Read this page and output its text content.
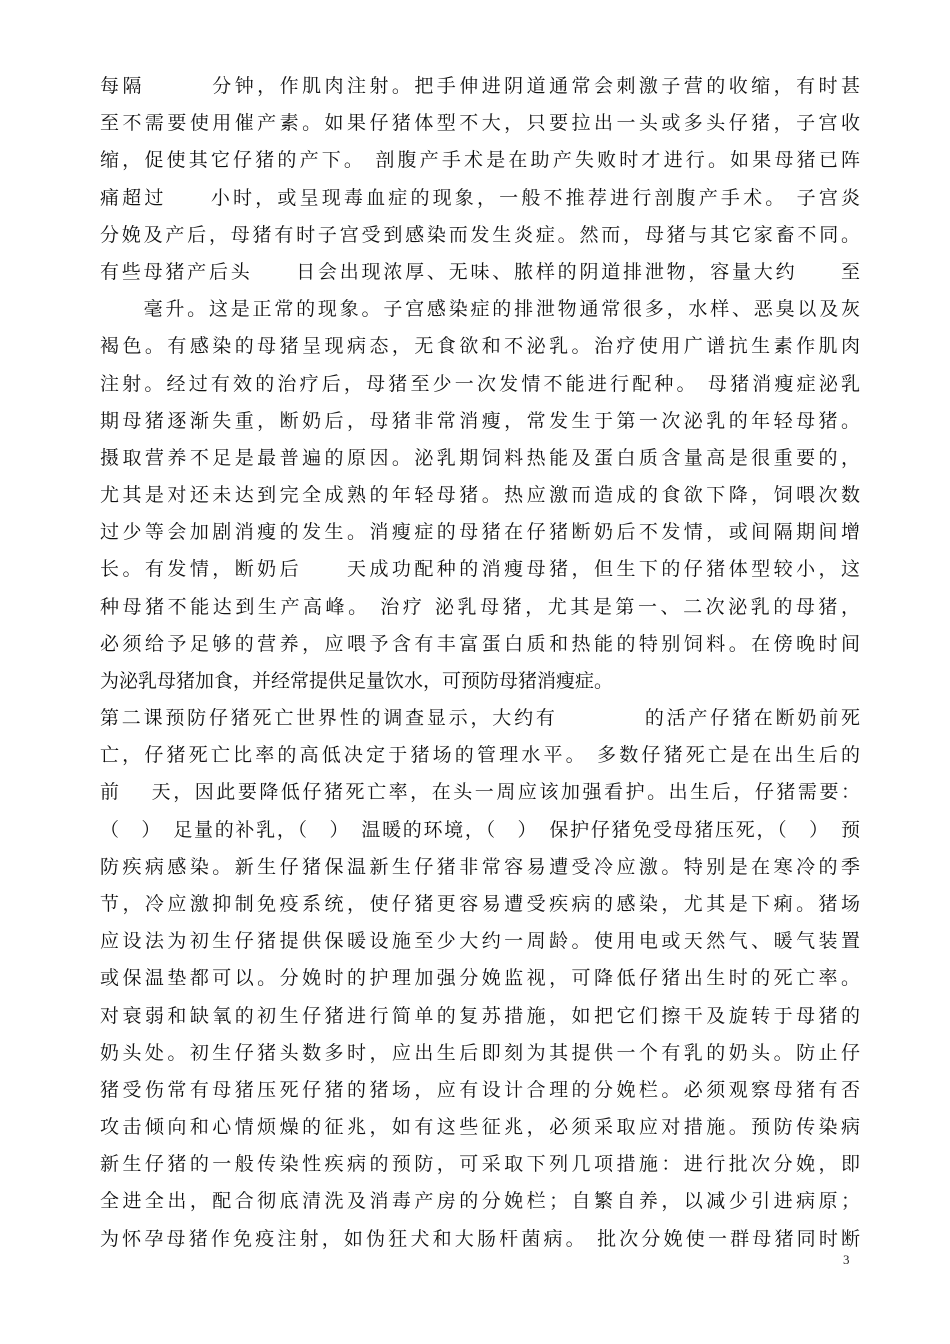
每隔　　　分钟，作肌肉注射。把手伸进阴道通常会刺激子营的收缩，有时甚
至不需要使用催产素。如果仔猪体型不大，只要拉出一头或多头仔猪，子宫收
缩，促使其它仔猪的产下。 剖腹产手术是在助产失败时才进行。如果母猪已阵
痛超过　　小时，或呈现毒血症的现象，一般不推荐进行剖腹产手术。 子宫炎
分娩及产后，母猪有时子宫受到感染而发生炎症。然而，母猪与其它家畜不同。
有些母猪产后头　　日会出现浓厚、无味、脓样的阴道排泄物，容量大约　　至
　　毫升。这是正常的现象。子宫感染症的排泄物通常很多，水样、恶臭以及灰
褐色。有感染的母猪呈现病态，无食欲和不泌乳。治疗使用广谱抗生素作肌肉
注射。经过有效的治疗后，母猪至少一次发情不能进行配种。 母猪消瘦症泌乳
期母猪逐渐失重，断奶后，母猪非常消瘦，常发生于第一次泌乳的年轻母猪。
摄取营养不足是最普遍的原因。泌乳期饲料热能及蛋白质含量高是很重要的，
尤其是对还未达到完全成熟的年轻母猪。热应激而造成的食欲下降，饲喂次数
过少等会加剧消瘦的发生。消瘦症的母猪在仔猪断奶后不发情，或间隔期间增
长。有发情，断奶后　　天成功配种的消瘦母猪，但生下的仔猪体型较小，这
种母猪不能达到生产高峰。 治疗 泌乳母猪，尤其是第一、二次泌乳的母猪，
必须给予足够的营养，应喂予含有丰富蛋白质和热能的特别饲料。在傍晚时间
为泌乳母猪加食，并经常提供足量饮水，可预防母猪消瘦症。
第二课预防仔猪死亡世界性的调查显示，大约有　　　　的活产仔猪在断奶前死
亡，仔猪死亡比率的高低决定于猪场的管理水平。 多数仔猪死亡是在出生后的
前　 天，因此要降低仔猪死亡率，在头一周应该加强看护。出生后，仔猪需要：
（　）　足量的补乳，（　）　温暖的环境，（　）　保护仔猪免受母猪压死，（　）　预
防疾病感染。新生仔猪保温新生仔猪非常容易遭受冷应激。特别是在寒冷的季
节，冷应激抑制免疫系统，使仔猪更容易遭受疾病的感染，尤其是下痢。猪场
应设法为初生仔猪提供保暖设施至少大约一周龄。使用电或天然气、暖气装置
或保温垫都可以。分娩时的护理加强分娩监视，可降低仔猪出生时的死亡率。
对衰弱和缺氧的初生仔猪进行简单的复苏措施，如把它们擦干及旋转于母猪的
奶头处。初生仔猪头数多时，应出生后即刻为其提供一个有乳的奶头。防止仔
猪受伤常有母猪压死仔猪的猪场，应有设计合理的分娩栏。必须观察母猪有否
攻击倾向和心情烦燥的征兆，如有这些征兆，必须采取应对措施。预防传染病
新生仔猪的一般传染性疾病的预防，可采取下列几项措施：进行批次分娩，即
全进全出，配合彻底清洗及消毒产房的分娩栏；自繁自养，以减少引进病原；
为怀孕母猪作免疫注射，如伪狂犬和大肠杆菌病。 批次分娩使一群母猪同时断
3
